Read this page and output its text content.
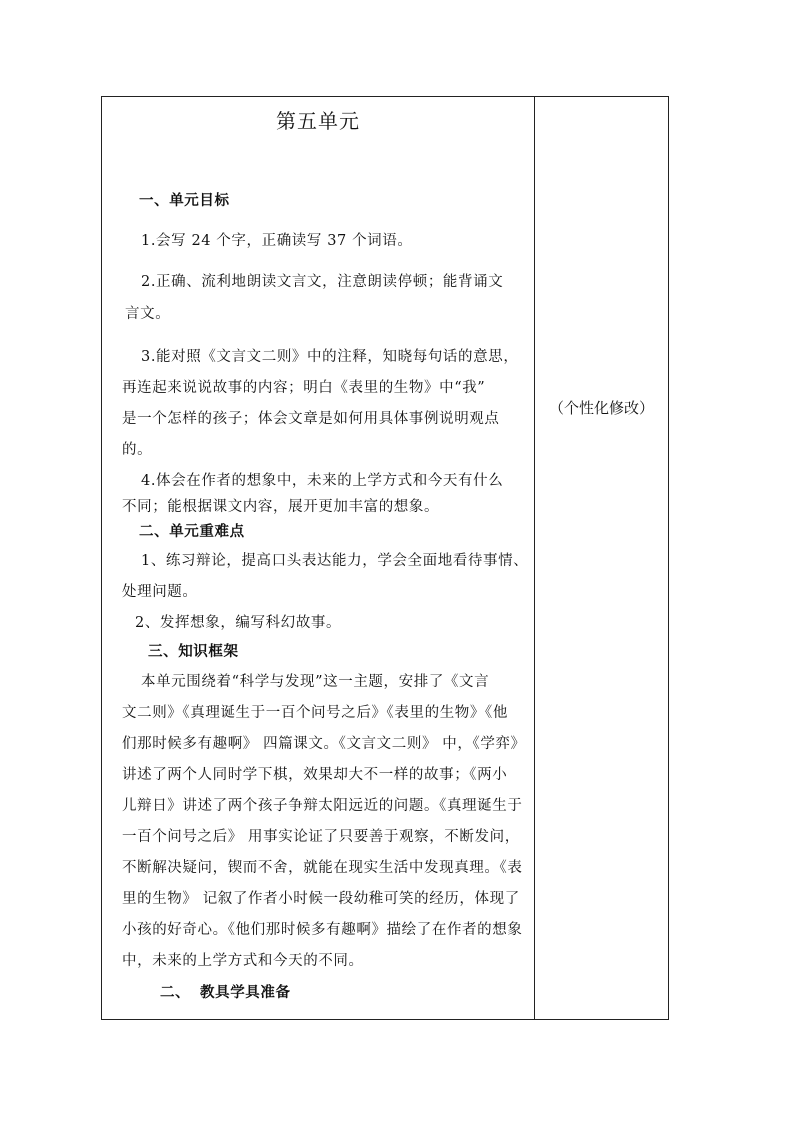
第五单元
一、单元目标
1.会写 24 个字，正确读写 37 个词语。
2.正确、流利地朗读文言文，注意朗读停顿；能背诵文
言文。
3.能对照《文言文二则》中的注释，知晓每句话的意思，
再连起来说说故事的内容；明白《表里的生物》中“我”
是一个怎样的孩子；体会文章是如何用具体事例说明观点
的。
4.体会在作者的想象中，未来的上学方式和今天有什么
不同；能根据课文内容，展开更加丰富的想象。
二、单元重难点
1、练习辩论，提高口头表达能力，学会全面地看待事情、
处理问题。
2、发挥想象，编写科幻故事。
三、知识框架
本单元围绕着“科学与发现”这一主题，安排了《文言
文二则》《真理诞生于一百个问号之后》《表里的生物》《他
们那时候多有趣啊》 四篇课文。《文言文二则》 中，《学弈》
讲述了两个人同时学下棋，效果却大不一样的故事；《两小
儿辩日》讲述了两个孩子争辩太阳远近的问题。《真理诞生于
一百个问号之后》 用事实论证了只要善于观察，不断发问，
不断解决疑问，锲而不舍，就能在现实生活中发现真理。《表
里的生物》 记叙了作者小时候一段幼稚可笑的经历，体现了
小孩的好奇心。《他们那时候多有趣啊》描绘了在作者的想象
中，未来的上学方式和今天的不同。
二、 教具学具准备
（个性化修改）
